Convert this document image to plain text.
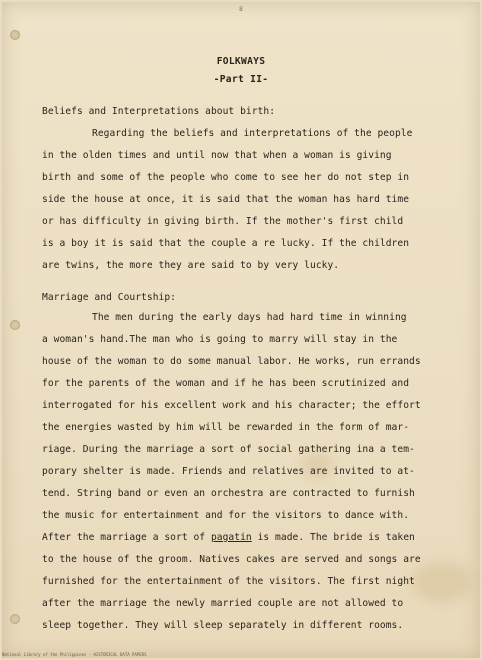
8
FOLKWAYS
-Part II-
Beliefs and Interpretations about birth:
Regarding the beliefs and interpretations of the people
in the olden times and until now that when a woman is giving
birth and some of the people who come to see her do not step in
side the house at once, it is said that the woman has hard time
or has difficulty in giving birth. If the mother's first child
is a boy it is said that the couple a re lucky. If the children
are twins, the more they are said to by very lucky.
Marriage and Courtship:
The men during the early days had hard time in winning
a woman's hand.The man who is going to marry will stay in the
house of the woman to do some manual labor. He works, run errands
for the parents of the woman and if he has been scrutinized and
interrogated for his excellent work and his character; the effort
the energies wasted by him will be rewarded in the form of mar-
riage. During the marriage a sort of social gathering ina a tem-
porary shelter is made. Friends and relatives are invited to at-
tend. String band or even an orchestra are contracted to furnish
the music for entertainment and for the visitors to dance with.
After the marriage a sort of pagatin is made. The bride is taken
to the house of the groom. Natives cakes are served and songs are
furnished for the entertainment of the visitors. The first night
after the marriage the newly married couple are not allowed to
sleep together. They will sleep separately in different rooms.
National Library of the Philippines · HISTORICAL DATA PAPERS
